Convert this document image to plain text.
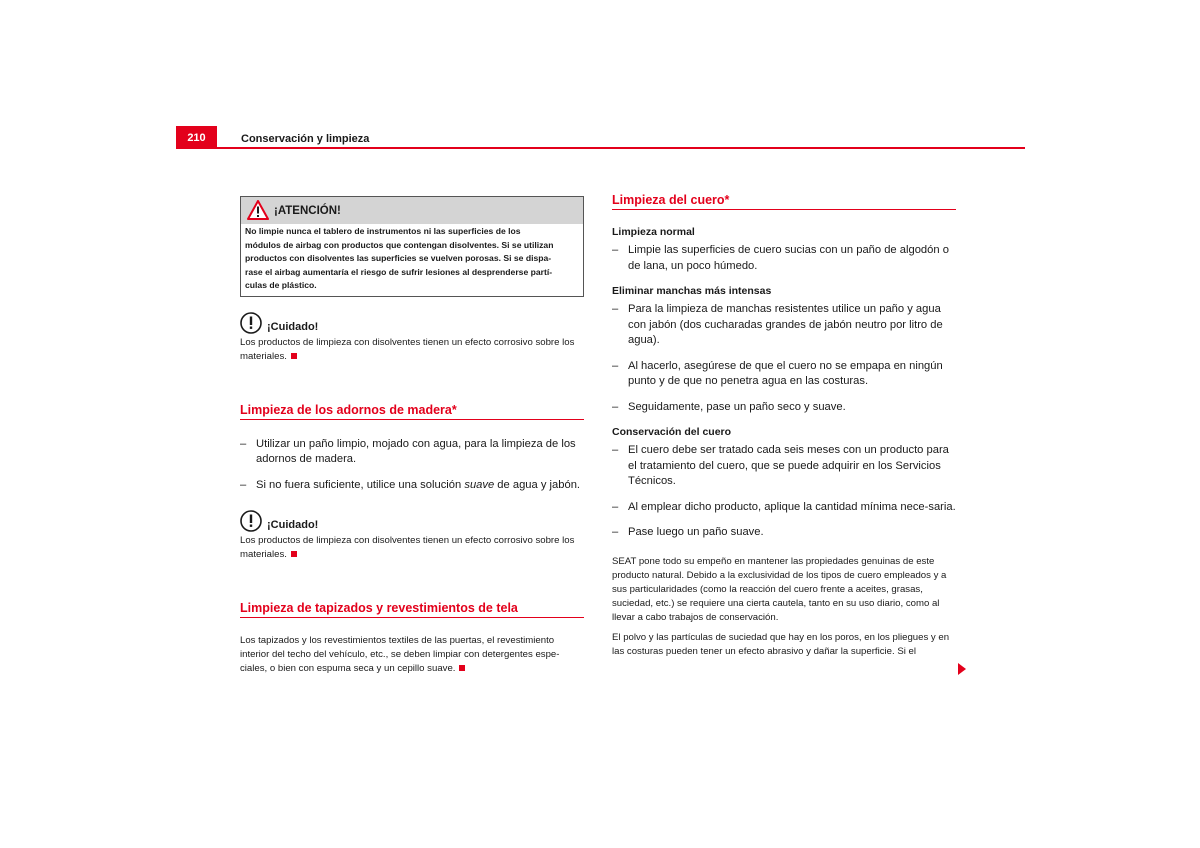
210	Conservación y limpieza
¡ATENCIÓN!
No limpie nunca el tablero de instrumentos ni las superficies de los
módulos de airbag con productos que contengan disolventes. Si se utilizan
productos con disolventes las superficies se vuelven porosas. Si se dispa-
rase el airbag aumentaría el riesgo de sufrir lesiones al desprenderse partí-
culas de plástico.
¡Cuidado!
Los productos de limpieza con disolventes tienen un efecto corrosivo sobre los materiales.
Limpieza de los adornos de madera*
– Utilizar un paño limpio, mojado con agua, para la limpieza de los adornos de madera.
– Si no fuera suficiente, utilice una solución suave de agua y jabón.
¡Cuidado!
Los productos de limpieza con disolventes tienen un efecto corrosivo sobre los materiales.
Limpieza de tapizados y revestimientos de tela
Los tapizados y los revestimientos textiles de las puertas, el revestimiento interior del techo del vehículo, etc., se deben limpiar con detergentes espe-ciales, o bien con espuma seca y un cepillo suave.
Limpieza del cuero*
Limpieza normal
– Limpie las superficies de cuero sucias con un paño de algodón o de lana, un poco húmedo.
Eliminar manchas más intensas
– Para la limpieza de manchas resistentes utilice un paño y agua con jabón (dos cucharadas grandes de jabón neutro por litro de agua).
– Al hacerlo, asegúrese de que el cuero no se empapa en ningún punto y de que no penetra agua en las costuras.
– Seguidamente, pase un paño seco y suave.
Conservación del cuero
– El cuero debe ser tratado cada seis meses con un producto para el tratamiento del cuero, que se puede adquirir en los Servicios Técnicos.
– Al emplear dicho producto, aplique la cantidad mínima nece-saria.
– Pase luego un paño suave.
SEAT pone todo su empeño en mantener las propiedades genuinas de este producto natural. Debido a la exclusividad de los tipos de cuero empleados y a sus particularidades (como la reacción del cuero frente a aceites, grasas, suciedad, etc.) se requiere una cierta cautela, tanto en su uso diario, como al llevar a cabo trabajos de conservación.
El polvo y las partículas de suciedad que hay en los poros, en los pliegues y en las costuras pueden tener un efecto abrasivo y dañar la superficie. Si el
